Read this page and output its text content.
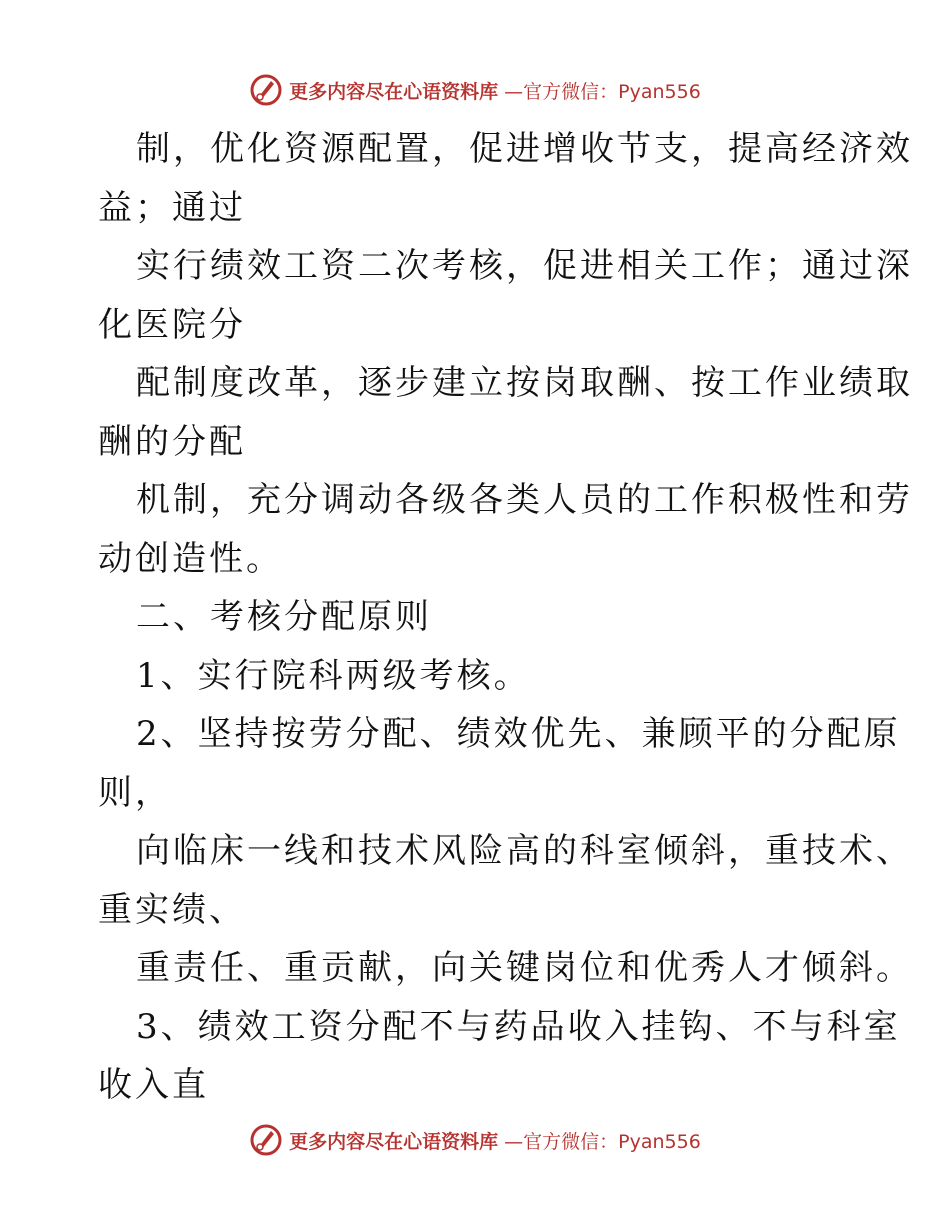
更多内容尽在心语资料库 —官方微信：Pyan556
制，优化资源配置，促进增收节支，提高经济效
益；通过
实行绩效工资二次考核，促进相关工作；通过深
化医院分
配制度改革，逐步建立按岗取酬、按工作业绩取
酬的分配
机制，充分调动各级各类人员的工作积极性和劳
动创造性。
二、考核分配原则
1、实行院科两级考核。
2、坚持按劳分配、绩效优先、兼顾平的分配原
则，
向临床一线和技术风险高的科室倾斜，重技术、
重实绩、
重责任、重贡献，向关键岗位和优秀人才倾斜。
3、绩效工资分配不与药品收入挂钩、不与科室
收入直
更多内容尽在心语资料库 —官方微信：Pyan556
